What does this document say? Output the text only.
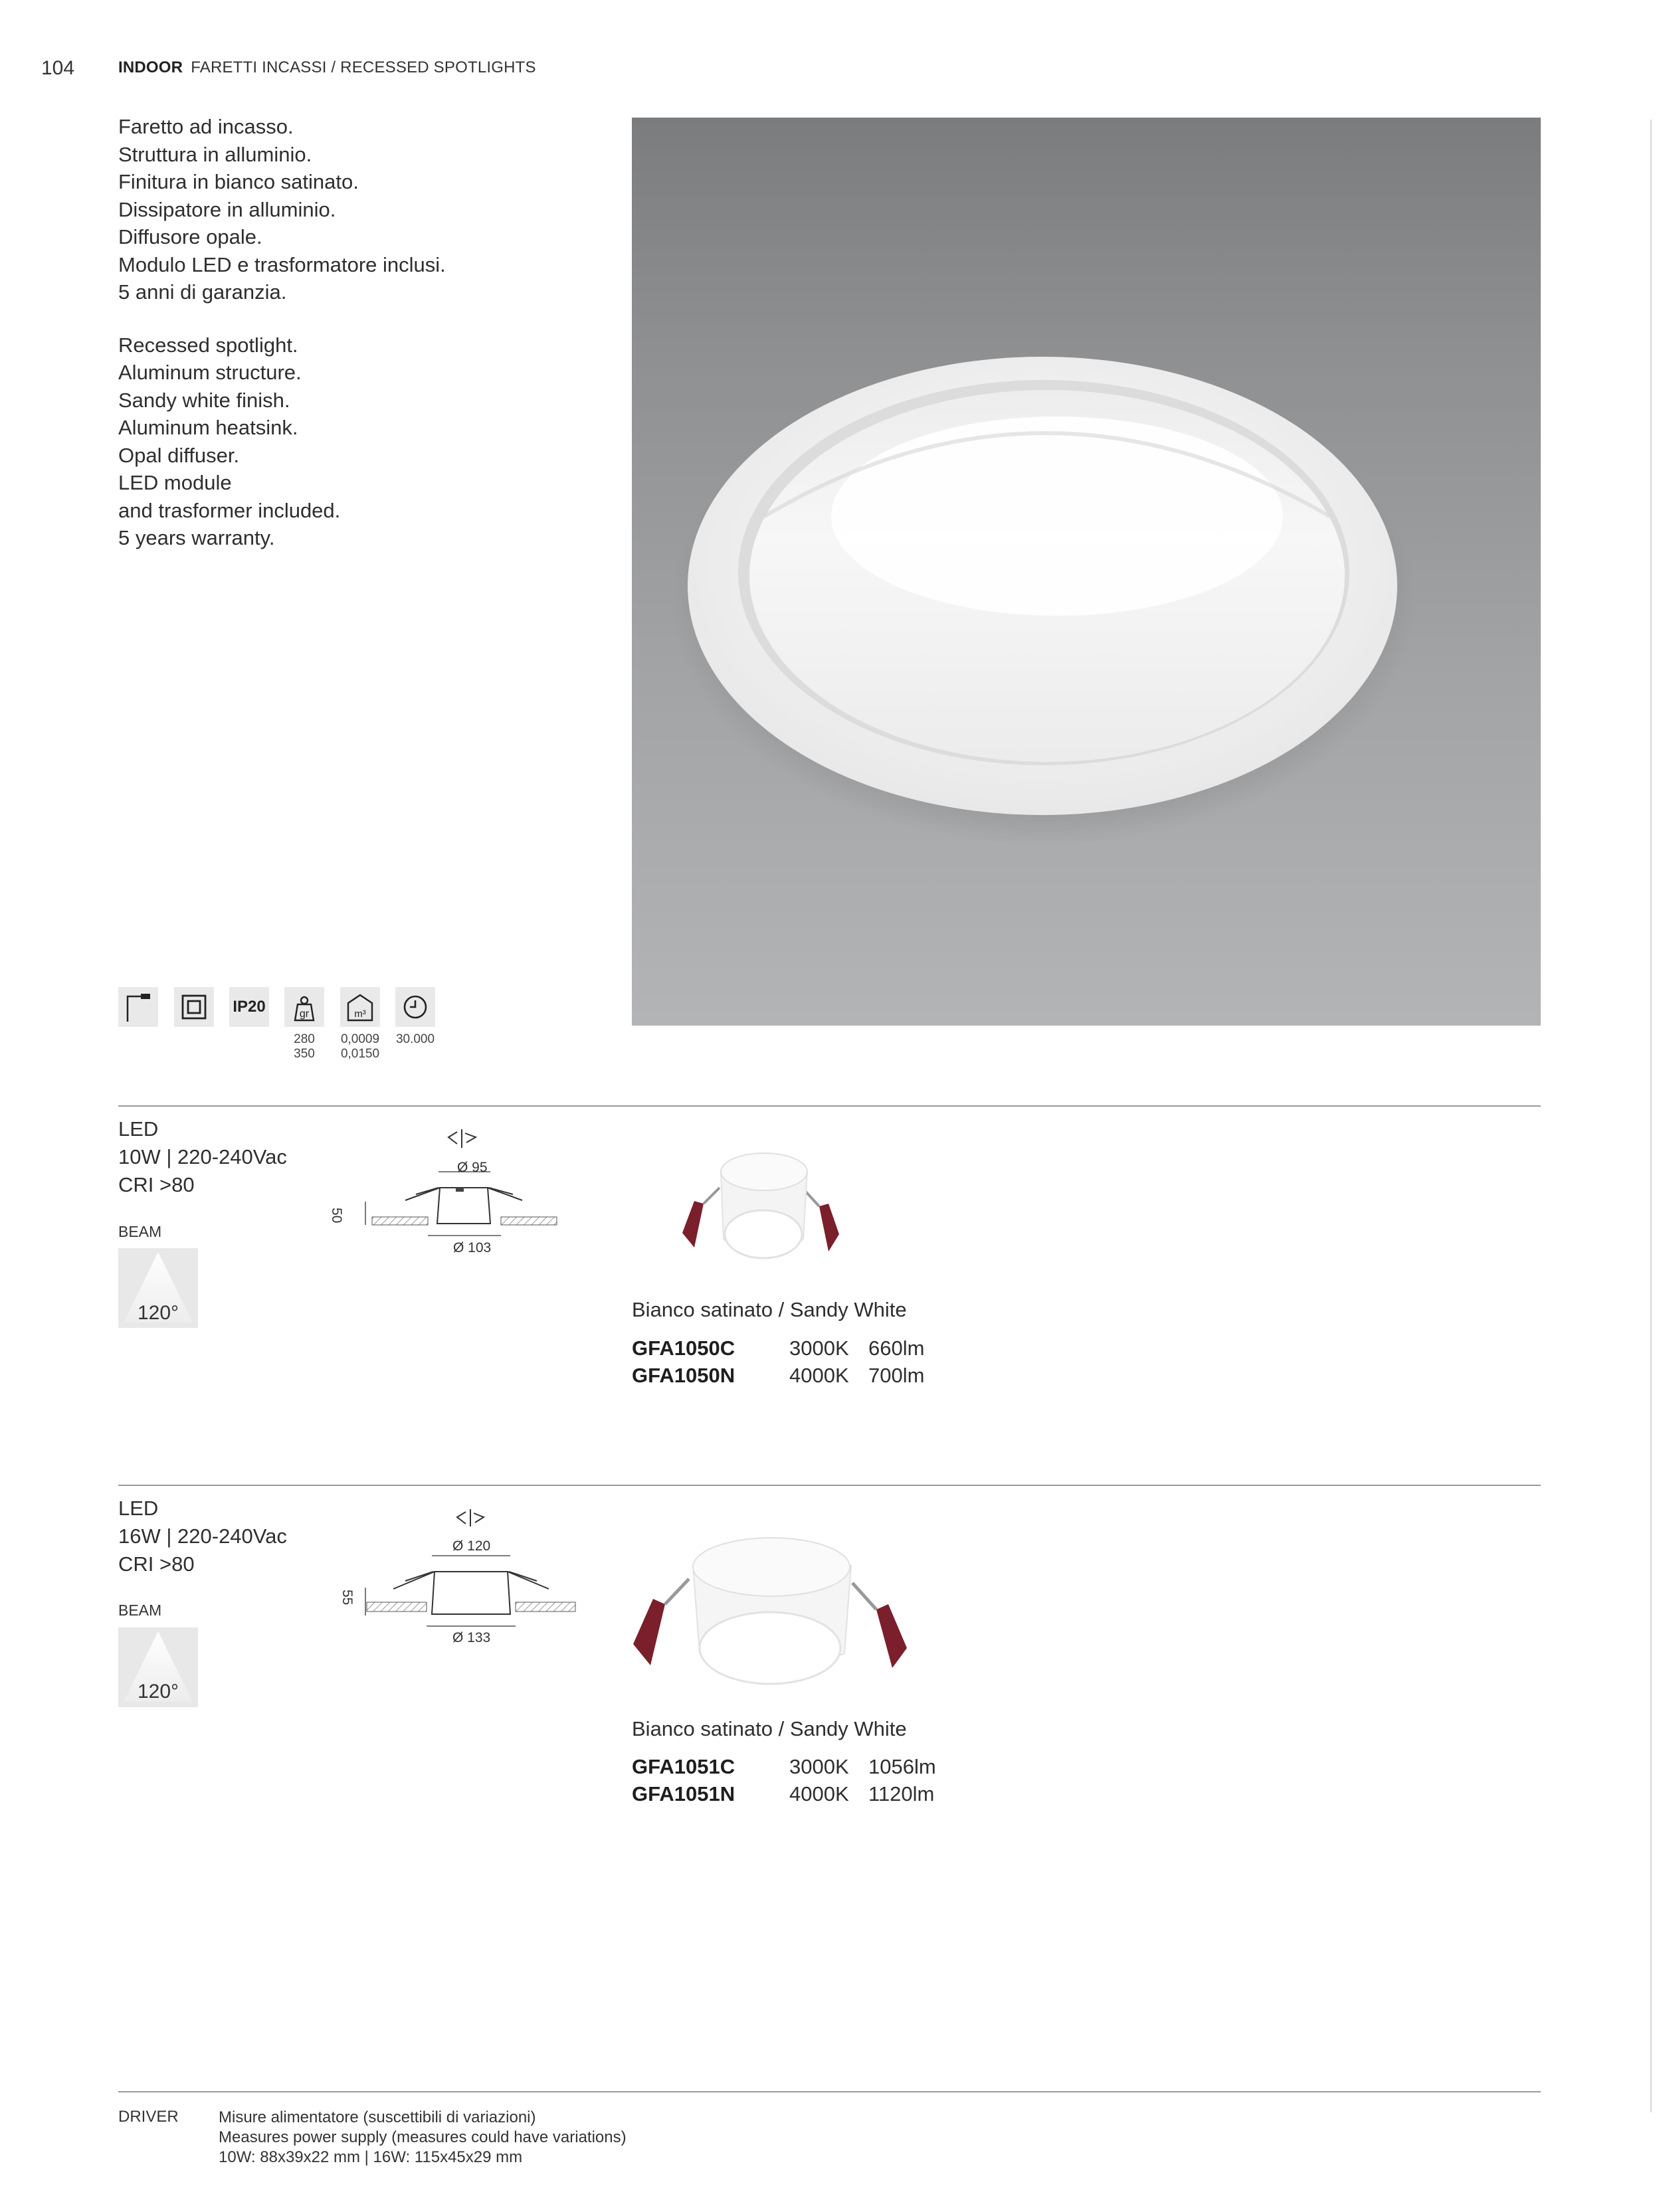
104	INDOOR FARETTI INCASSI / RECESSED SPOTLIGHTS
Faretto ad incasso.
Struttura in alluminio.
Finitura in bianco satinato.
Dissipatore in alluminio.
Diffusore opale.
Modulo LED e trasformatore inclusi.
5 anni di garanzia.
Recessed spotlight.
Aluminum structure.
Sandy white finish.
Aluminum heatsink.
Opal diffuser.
LED module
and trasformer included.
5 years warranty.
IP20	gr	m³
280
350
0,0009
0,0150
30.000
LED
10W | 220-240Vac
CRI >80
BEAM
120°
Ø 95
50
Ø 103
Bianco satinato / Sandy White
GFA1050C	3000K 660lm
GFA1050N	4000K 700lm
LED
16W | 220-240Vac
CRI >80
BEAM
120°
Ø 120
55
Ø 133
Bianco satinato / Sandy White
GFA1051C	3000K 1056lm
GFA1051N	4000K 1120lm
DRIVER	Misure alimentatore (suscettibili di variazioni)
Measures power supply (measures could have variations)
10W: 88x39x22 mm | 16W: 115x45x29 mm
